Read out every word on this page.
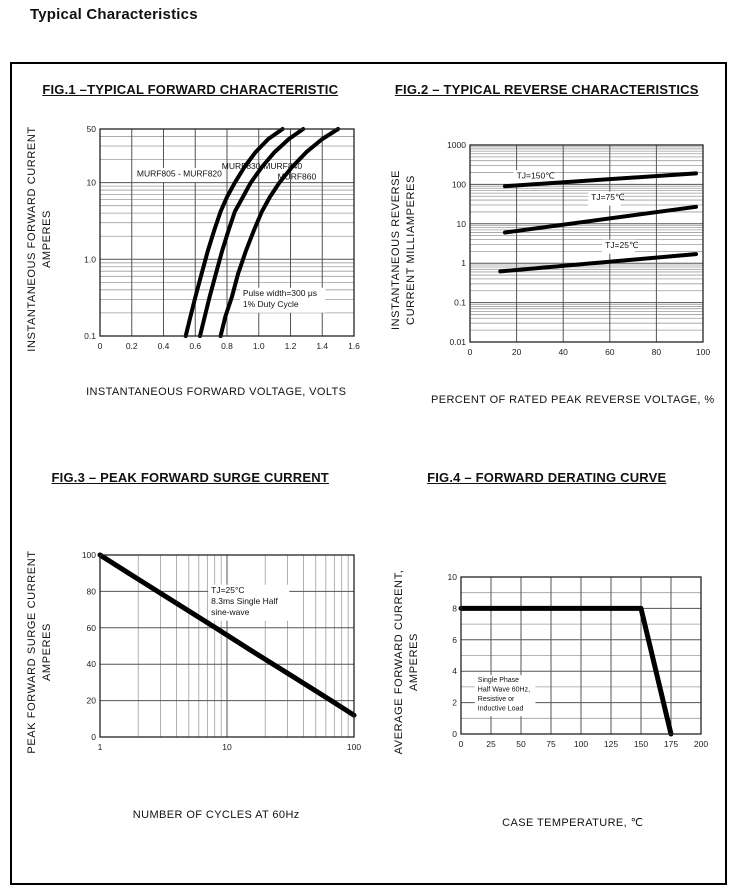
Typical Characteristics
FIG.1 –TYPICAL FORWARD CHARACTERISTIC
INSTANTANEOUS FORWARD CURRENT AMPERES
MURF805 - MURF820
MURF830-MURF840
MURF860
Pulse width=300 μs 1% Duty Cycle
0	0.2 0.4 0.6 0.8 1.0 1.2 1.4 1.6
0.1
1.0
10
50
INSTANTANEOUS FORWARD VOLTAGE, VOLTS
FIG.2 – TYPICAL REVERSE CHARACTERISTICS
INSTANTANEOUS REVERSE CURRENT MILLIAMPERES	TJ=150℃
TJ=75℃
TJ=25℃
0	20	40	60	80	100
0.01
0.1
1
10
100
1000
PERCENT OF RATED PEAK REVERSE VOLTAGE, %
FIG.3 – PEAK FORWARD SURGE CURRENT
PEAK FORWARD SURGE CURRENT AMPERES
TJ=25°C 8.3ms Single Half sine-wave
1	10	100
0
20
40
60
80
100
NUMBER OF CYCLES AT 60Hz
FIG.4 – FORWARD DERATING CURVE
AVERAGE FORWARD CURRENT, AMPERES	Single Phase Half Wave 60Hz, Resistive or Inductive Load
0	25 50 75 100 125 150 175 200
0
2
4
6
8
10
CASE TEMPERATURE, ℃
